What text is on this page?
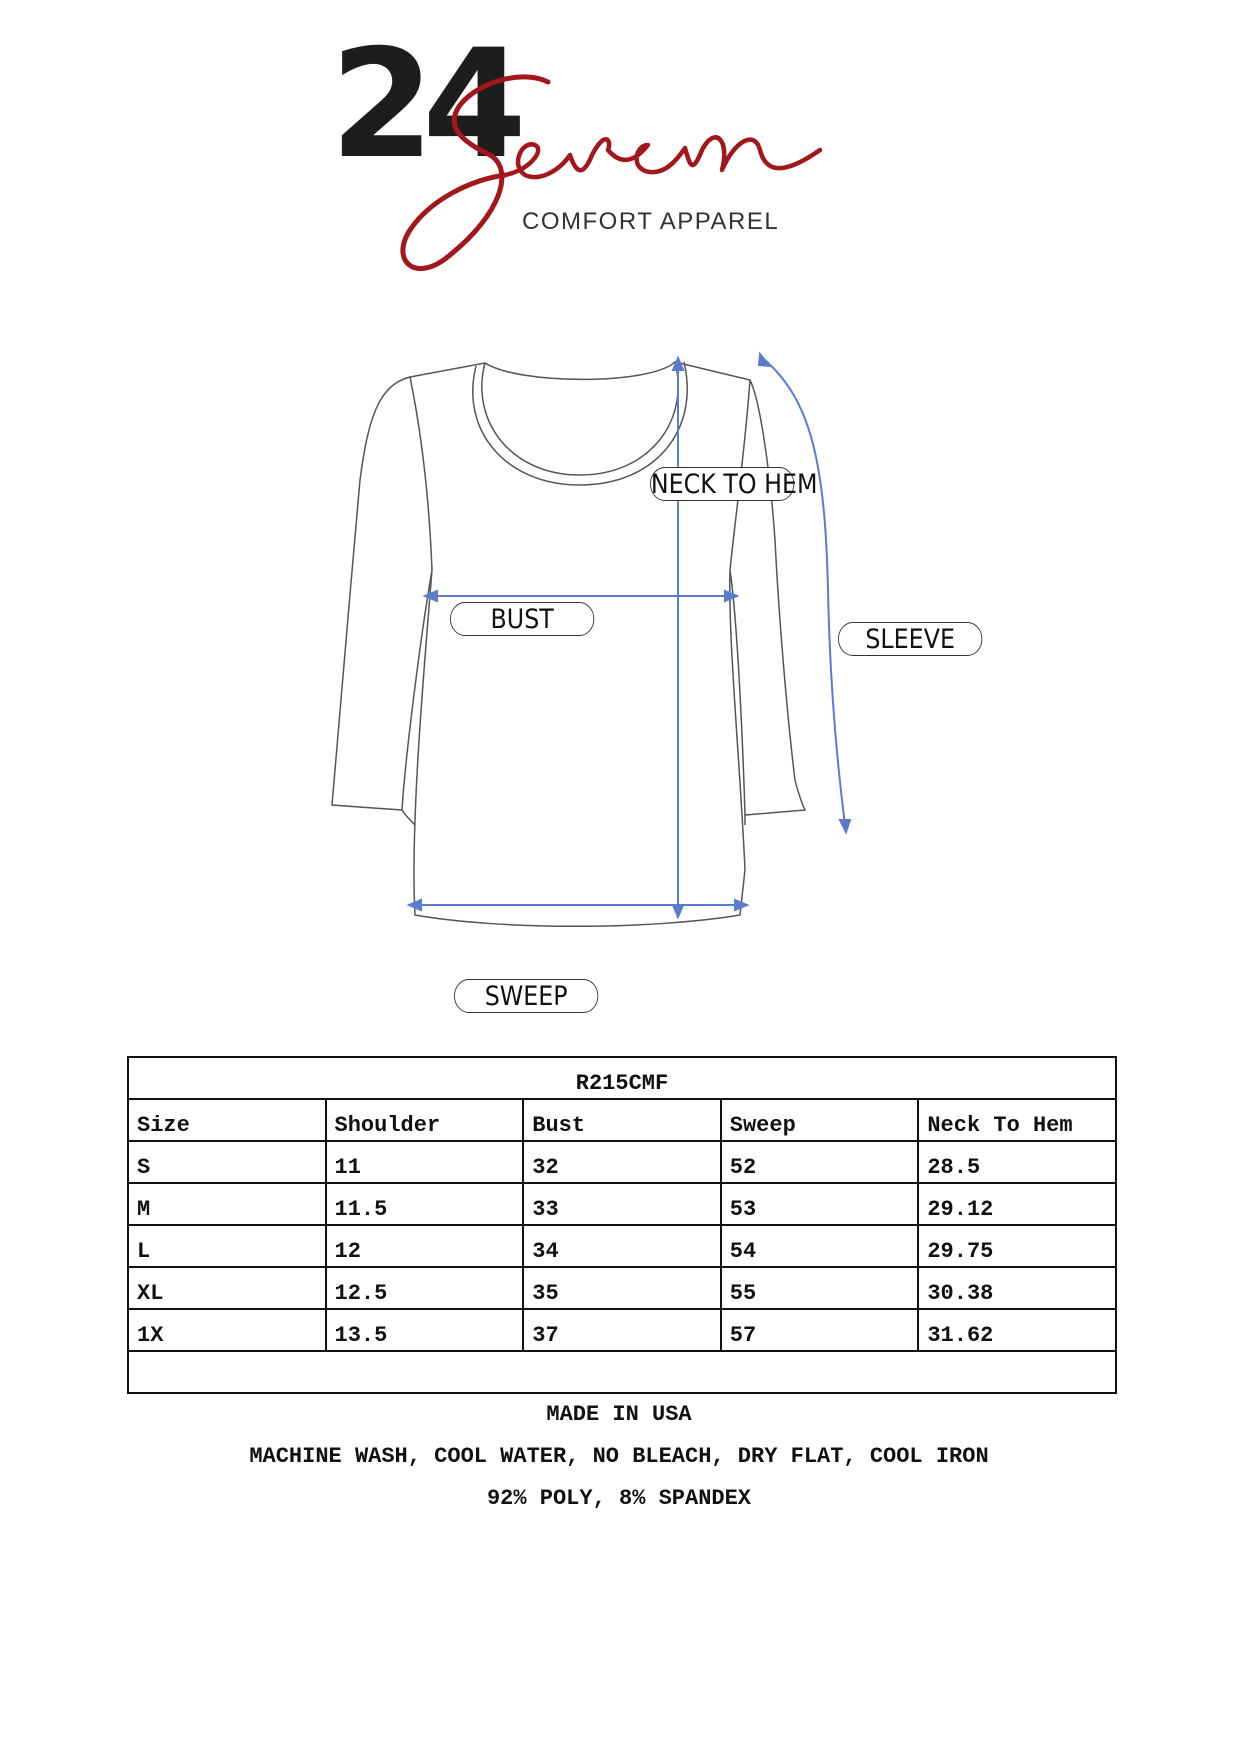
24
COMFORT APPAREL
NECK TO HEM
BUST
SLEEVE
SWEEP
R215CMF				
Size	Shoulder	Bust	Sweep	Neck To Hem
S	11	32	52	28.5
M	11.5	33	53	29.12
L	12	34	54	29.75
XL	12.5	35	55	30.38
1X	13.5	37	57	31.62

MADE IN USA
MACHINE WASH, COOL WATER, NO BLEACH, DRY FLAT, COOL IRON
92% POLY, 8% SPANDEX
